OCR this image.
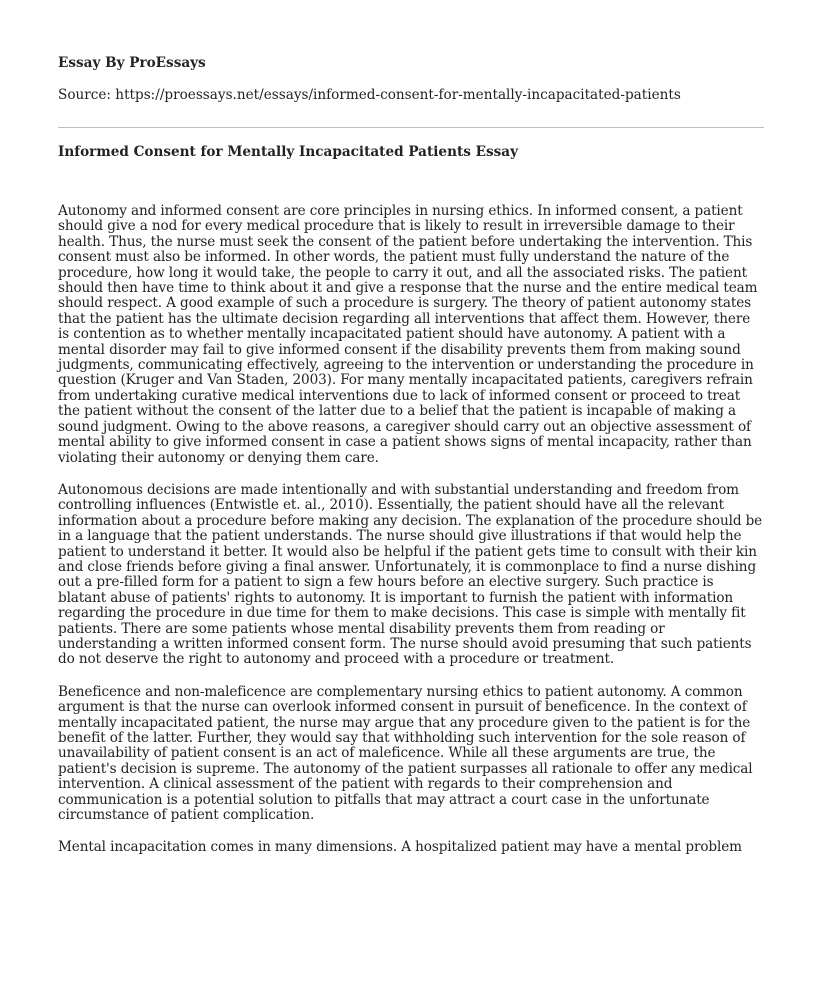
Essay By ProEssays
Source: https://proessays.net/essays/informed-consent-for-mentally-incapacitated-patients
Informed Consent for Mentally Incapacitated Patients Essay

Autonomy and informed consent are core principles in nursing ethics. In informed consent, a patient should give a nod for every medical procedure that is likely to result in irreversible damage to their health. Thus, the nurse must seek the consent of the patient before undertaking the intervention. This consent must also be informed. In other words, the patient must fully understand the nature of the procedure, how long it would take, the people to carry it out, and all the associated risks. The patient should then have time to think about it and give a response that the nurse and the entire medical team should respect. A good example of such a procedure is surgery. The theory of patient autonomy states that the patient has the ultimate decision regarding all interventions that affect them. However, there is contention as to whether mentally incapacitated patient should have autonomy. A patient with a mental disorder may fail to give informed consent if the disability prevents them from making sound judgments, communicating effectively, agreeing to the intervention or understanding the procedure in question (Kruger and Van Staden, 2003). For many mentally incapacitated patients, caregivers refrain from undertaking curative medical interventions due to lack of informed consent or proceed to treat the patient without the consent of the latter due to a belief that the patient is incapable of making a sound judgment. Owing to the above reasons, a caregiver should carry out an objective assessment of mental ability to give informed consent in case a patient shows signs of mental incapacity, rather than violating their autonomy or denying them care.

Autonomous decisions are made intentionally and with substantial understanding and freedom from controlling influences (Entwistle et. al., 2010). Essentially, the patient should have all the relevant information about a procedure before making any decision. The explanation of the procedure should be in a language that the patient understands. The nurse should give illustrations if that would help the patient to understand it better. It would also be helpful if the patient gets time to consult with their kin and close friends before giving a final answer. Unfortunately, it is commonplace to find a nurse dishing out a pre-filled form for a patient to sign a few hours before an elective surgery. Such practice is blatant abuse of patients' rights to autonomy. It is important to furnish the patient with information regarding the procedure in due time for them to make decisions. This case is simple with mentally fit patients. There are some patients whose mental disability prevents them from reading or understanding a written informed consent form. The nurse should avoid presuming that such patients do not deserve the right to autonomy and proceed with a procedure or treatment.

Beneficence and non-maleficence are complementary nursing ethics to patient autonomy. A common argument is that the nurse can overlook informed consent in pursuit of beneficence. In the context of mentally incapacitated patient, the nurse may argue that any procedure given to the patient is for the benefit of the latter. Further, they would say that withholding such intervention for the sole reason of unavailability of patient consent is an act of maleficence. While all these arguments are true, the patient's decision is supreme. The autonomy of the patient surpasses all rationale to offer any medical intervention. A clinical assessment of the patient with regards to their comprehension and communication is a potential solution to pitfalls that may attract a court case in the unfortunate circumstance of patient complication.

Mental incapacitation comes in many dimensions. A hospitalized patient may have a mental problem
